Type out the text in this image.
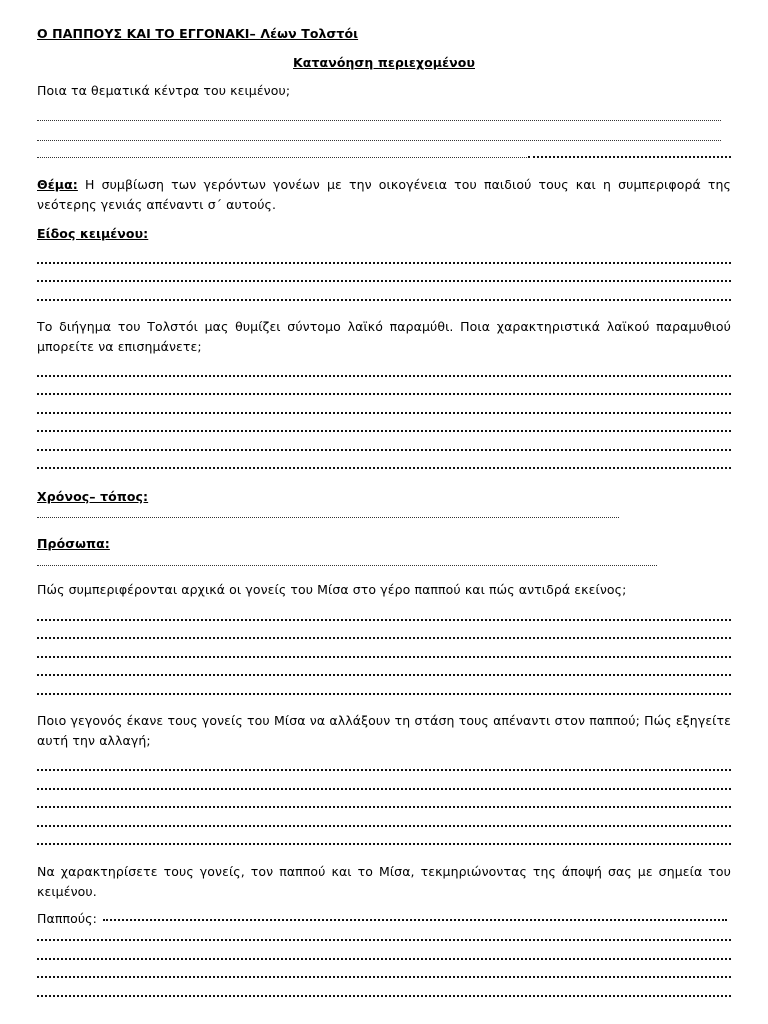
Ο ΠΑΠΠΟΥΣ ΚΑΙ ΤΟ ΕΓΓΟΝΑΚΙ– Λέων Τολστόι
Κατανόηση περιεχομένου
Ποια τα θεματικά κέντρα του κειμένου;
Θέμα: Η συμβίωση των γερόντων γονέων με την οικογένεια του παιδιού τους και η συμπεριφορά της νεότερης γενιάς απέναντι σ΄ αυτούς.
Είδος κειμένου:
Το διήγημα του Τολστόι μας θυμίζει σύντομο λαϊκό παραμύθι. Ποια χαρακτηριστικά λαϊκού παραμυθιού μπορείτε να επισημάνετε;
Χρόνος– τόπος:
Πρόσωπα:
Πώς συμπεριφέρονται αρχικά οι γονείς του Μίσα στο γέρο παππού και πώς αντιδρά εκείνος;
Ποιο γεγονός έκανε τους γονείς του Μίσα να αλλάξουν τη στάση τους απέναντι στον παππού; Πώς εξηγείτε αυτή την αλλαγή;
Να χαρακτηρίσετε τους γονείς, τον παππού και το Μίσα, τεκμηριώνοντας της άποψή σας με σημεία του κειμένου.
Παππούς:
